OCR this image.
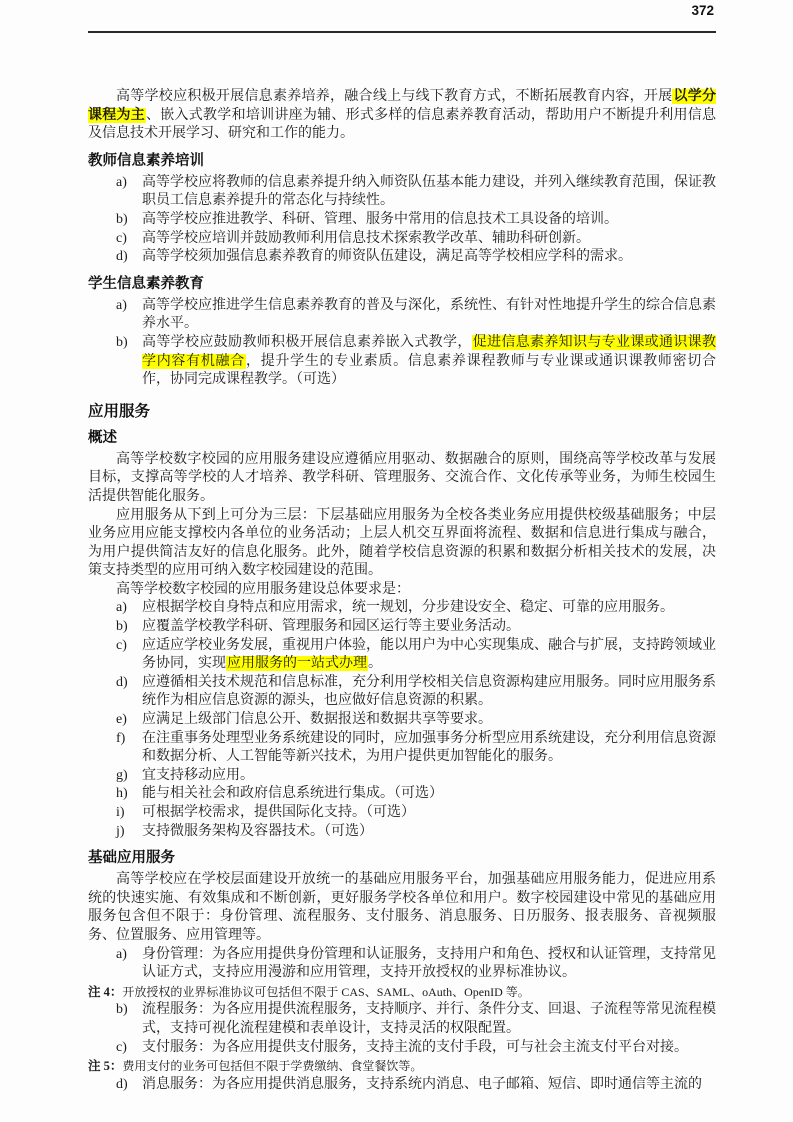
372

高等学校应积极开展信息素养培养，融合线上与线下教育方式，不断拓展教育内容，开展以学分课程为主、嵌入式教学和培训讲座为辅、形式多样的信息素养教育活动，帮助用户不断提升利用信息及信息技术开展学习、研究和工作的能力。

教师信息素养培训
a)	高等学校应将教师的信息素养提升纳入师资队伍基本能力建设，并列入继续教育范围，保证教职员工信息素养提升的常态化与持续性。
b)	高等学校应推进教学、科研、管理、服务中常用的信息技术工具设备的培训。
c)	高等学校应培训并鼓励教师利用信息技术探索教学改革、辅助科研创新。
d)	高等学校须加强信息素养教育的师资队伍建设，满足高等学校相应学科的需求。
学生信息素养教育
a)	高等学校应推进学生信息素养教育的普及与深化，系统性、有针对性地提升学生的综合信息素养水平。
b)	高等学校应鼓励教师积极开展信息素养嵌入式教学，促进信息素养知识与专业课或通识课教学内容有机融合，提升学生的专业素质。信息素养课程教师与专业课或通识课教师密切合作，协同完成课程教学。（可选）
应用服务
概述

高等学校数字校园的应用服务建设应遵循应用驱动、数据融合的原则，围绕高等学校改革与发展目标，支撑高等学校的人才培养、教学科研、管理服务、交流合作、文化传承等业务，为师生校园生活提供智能化服务。

应用服务从下到上可分为三层：下层基础应用服务为全校各类业务应用提供校级基础服务；中层业务应用应能支撑校内各单位的业务活动；上层人机交互界面将流程、数据和信息进行集成与融合，为用户提供简洁友好的信息化服务。此外，随着学校信息资源的积累和数据分析相关技术的发展，决策支持类型的应用可纳入数字校园建设的范围。

高等学校数字校园的应用服务建设总体要求是：

a)	应根据学校自身特点和应用需求，统一规划，分步建设安全、稳定、可靠的应用服务。
b)	应覆盖学校教学科研、管理服务和园区运行等主要业务活动。
c)	应适应学校业务发展，重视用户体验，能以用户为中心实现集成、融合与扩展，支持跨领域业务协同，实现应用服务的一站式办理。
d)	应遵循相关技术规范和信息标准，充分利用学校相关信息资源构建应用服务。同时应用服务系统作为相应信息资源的源头，也应做好信息资源的积累。
e)	应满足上级部门信息公开、数据报送和数据共享等要求。
f)	在注重事务处理型业务系统建设的同时，应加强事务分析型应用系统建设，充分利用信息资源和数据分析、人工智能等新兴技术，为用户提供更加智能化的服务。
g)	宜支持移动应用。
h)	能与相关社会和政府信息系统进行集成。（可选）
i)	可根据学校需求，提供国际化支持。（可选）
j)	支持微服务架构及容器技术。（可选）
基础应用服务

高等学校应在学校层面建设开放统一的基础应用服务平台，加强基础应用服务能力，促进应用系统的快速实施、有效集成和不断创新，更好服务学校各单位和用户。数字校园建设中常见的基础应用服务包含但不限于：身份管理、流程服务、支付服务、消息服务、日历服务、报表服务、音视频服务、位置服务、应用管理等。

a)	身份管理：为各应用提供身份管理和认证服务，支持用户和角色、授权和认证管理，支持常见认证方式，支持应用漫游和应用管理，支持开放授权的业界标准协议。

注 4：开放授权的业界标准协议可包括但不限于 CAS、SAML、oAuth、OpenID 等。

b)	流程服务：为各应用提供流程服务，支持顺序、并行、条件分支、回退、子流程等常见流程模式，支持可视化流程建模和表单设计，支持灵活的权限配置。
c)	支付服务：为各应用提供支付服务，支持主流的支付手段，可与社会主流支付平台对接。

注 5：费用支付的业务可包括但不限于学费缴纳、食堂餐饮等。

d)	消息服务：为各应用提供消息服务，支持系统内消息、电子邮箱、短信、即时通信等主流的
